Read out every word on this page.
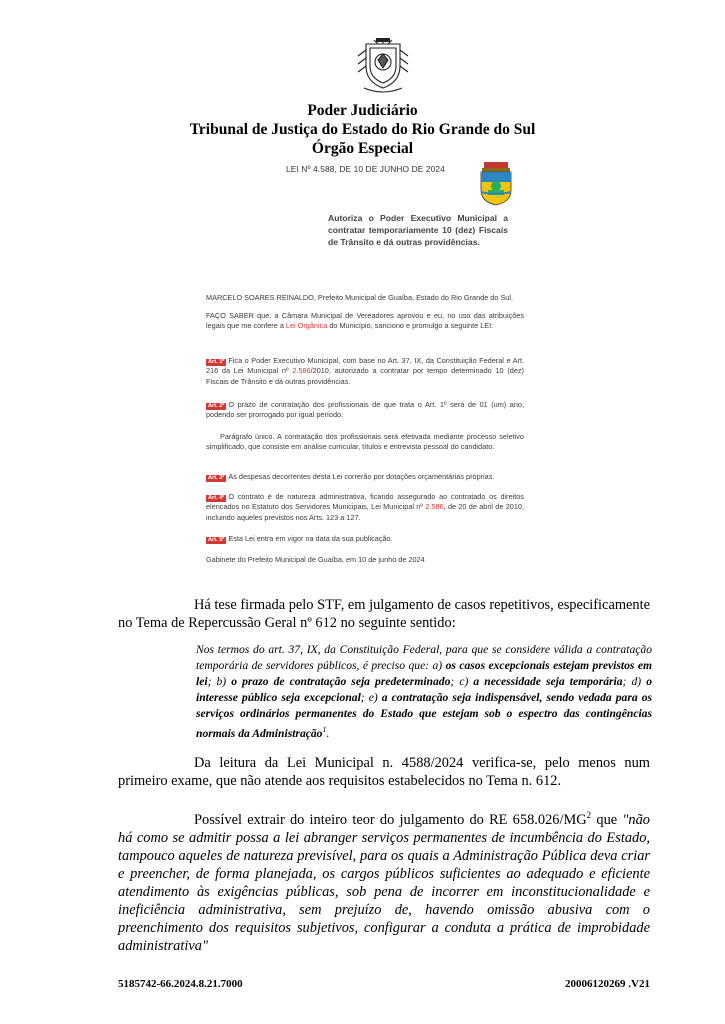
Poder Judiciário
Tribunal de Justiça do Estado do Rio Grande do Sul
Órgão Especial
LEI Nº 4.588, DE 10 DE JUNHO DE 2024
Autoriza o Poder Executivo Municipal a contratar temporariamente 10 (dez) Fiscais de Trânsito e dá outras providências.
MARCELO SOARES REINALDO, Prefeito Municipal de Guaíba, Estado do Rio Grande do Sul.
FAÇO SABER que, a Câmara Municipal de Vereadores aprovou e eu, no uso das atribuições legais que me confere a Lei Orgânica do Município, sanciono e promulgo a seguinte LEI:
Art. 1º Fica o Poder Executivo Municipal, com base no Art. 37, IX, da Constituição Federal e Art. 216 da Lei Municipal nº 2.586/2010, autorizado a contratar por tempo determinado 10 (dez) Fiscais de Trânsito e dá outras providências.
Art. 2º O prazo de contratação dos profissionais de que trata o Art. 1º será de 01 (um) ano, podendo ser prorrogado por igual período.
Parágrafo único. A contratação dos profissionais será efetivada mediante processo seletivo simplificado, que consiste em análise curricular, títulos e entrevista pessoal do candidato.
Art. 3º As despesas decorrentes desta Lei correrão por dotações orçamentárias próprias.
Art. 4º O contrato é de natureza administrativa, ficando assegurado ao contratado os direitos elencados no Estatuto dos Servidores Municipais, Lei Municipal nº 2.586, de 20 de abril de 2010, incluindo aqueles previstos nos Arts. 123 a 127.
Art. 5º Esta Lei entra em vigor na data da sua publicação.
Gabinete do Prefeito Municipal de Guaíba, em 10 de junho de 2024
Há tese firmada pelo STF, em julgamento de casos repetitivos, especificamente no Tema de Repercussão Geral nº 612 no seguinte sentido:
Nos termos do art. 37, IX, da Constituição Federal, para que se considere válida a contratação temporária de servidores públicos, é preciso que: a) os casos excepcionais estejam previstos em lei; b) o prazo de contratação seja predeterminado; c) a necessidade seja temporária; d) o interesse público seja excepcional; e) a contratação seja indispensável, sendo vedada para os serviços ordinários permanentes do Estado que estejam sob o espectro das contingências normais da Administração$^1$.
Da leitura da Lei Municipal n. 4588/2024 verifica-se, pelo menos num primeiro exame, que não atende aos requisitos estabelecidos no Tema n. 612.
Possível extrair do inteiro teor do julgamento do RE $658.026/MG^2$ que "não há como se admitir possa a lei abranger serviços permanentes de incumbência do Estado, tampouco aqueles de natureza previsível, para os quais a Administração Pública deva criar e preencher, de forma planejada, os cargos públicos suficientes ao adequado e eficiente atendimento às exigências públicas, sob pena de incorrer em inconstitucionalidade e ineficiência administrativa, sem prejuízo de, havendo omissão abusiva com o preenchimento dos requisitos subjetivos, configurar a conduta a prática de improbidade administrativa"
5185742-66.2024.8.21.7000	20006120269 .V21
